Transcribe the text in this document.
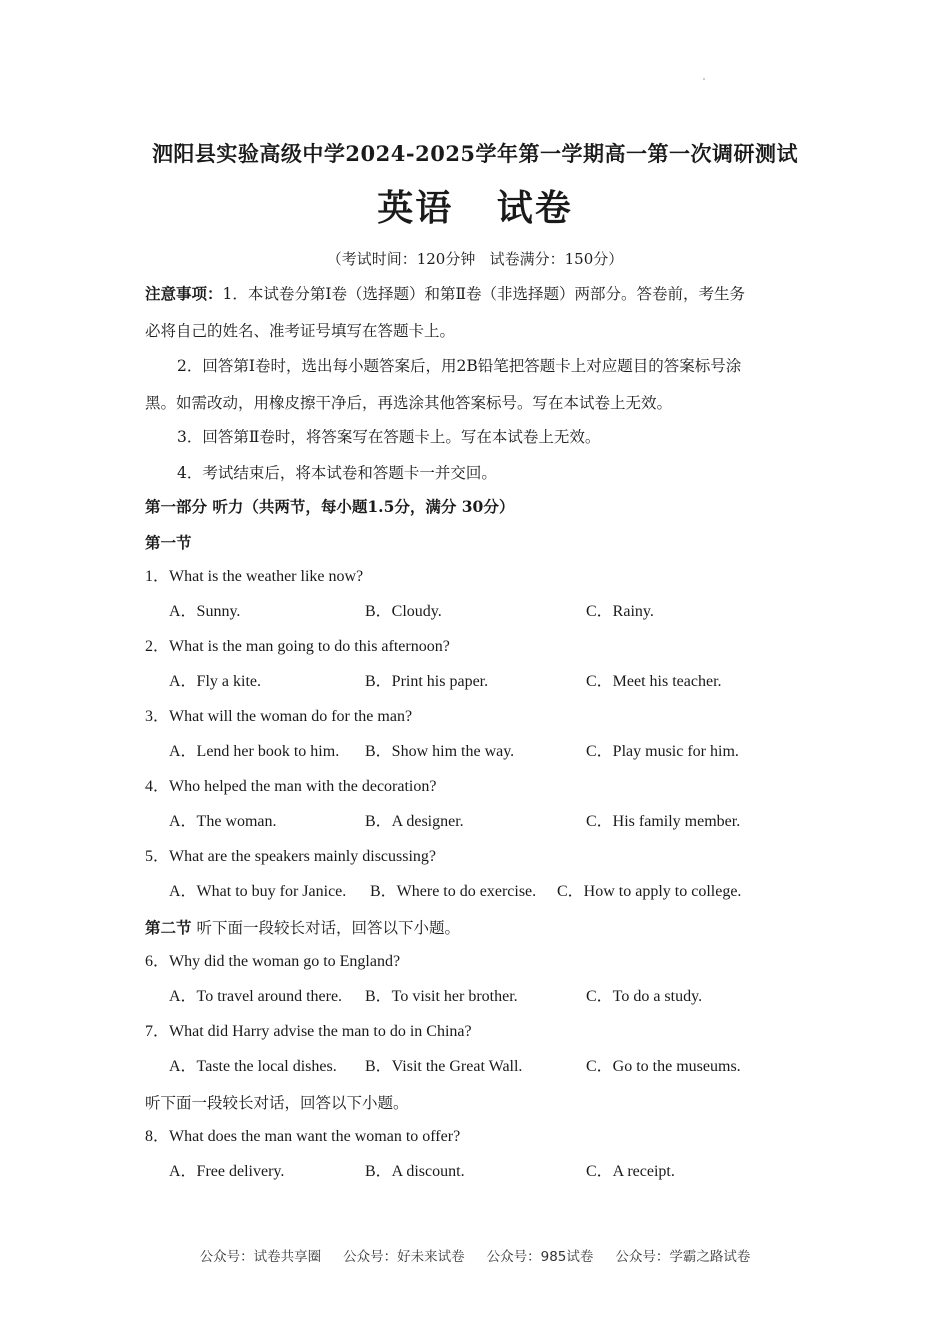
泗阳县实验高级中学2024-2025学年第一学期高一第一次调研测试
英语   试卷
（考试时间：120分钟   试卷满分：150分）
注意事项：1．本试卷分第Ⅰ卷（选择题）和第Ⅱ卷（非选择题）两部分。答卷前，考生务
必将自己的姓名、准考证号填写在答题卡上。
2．回答第Ⅰ卷时，选出每小题答案后，用2B铅笔把答题卡上对应题目的答案标号涂
黑。如需改动，用橡皮擦干净后，再选涂其他答案标号。写在本试卷上无效。
3．回答第Ⅱ卷时，将答案写在答题卡上。写在本试卷上无效。
4．考试结束后，将本试卷和答题卡一并交回。
第一部分 听力（共两节，每小题1.5分，满分 30分）
第一节
1．What is the weather like now?
A．Sunny.	B．Cloudy.	C．Rainy.
2．What is the man going to do this afternoon?
A．Fly a kite.	B．Print his paper.	C．Meet his teacher.
3．What will the woman do for the man?
A．Lend her book to him. B．Show him the way.	C．Play music for him.
4．Who helped the man with the decoration?
A．The woman.	B．A designer.	C．His family member.
5．What are the speakers mainly discussing?
A．What to buy for Janice. B．Where to do exercise. C．How to apply to college.
第二节 听下面一段较长对话，回答以下小题。
6．Why did the woman go to England?
A．To travel around there. B．To visit her brother.	C．To do a study.
7．What did Harry advise the man to do in China?
A．Taste the local dishes. B．Visit the Great Wall.	C．Go to the museums.
听下面一段较长对话，回答以下小题。
8．What does the man want the woman to offer?
A．Free delivery.	B．A discount.	C．A receipt.
公众号：试卷共享圈 公众号：好未来试卷 公众号：985试卷 公众号：学霸之路试卷
